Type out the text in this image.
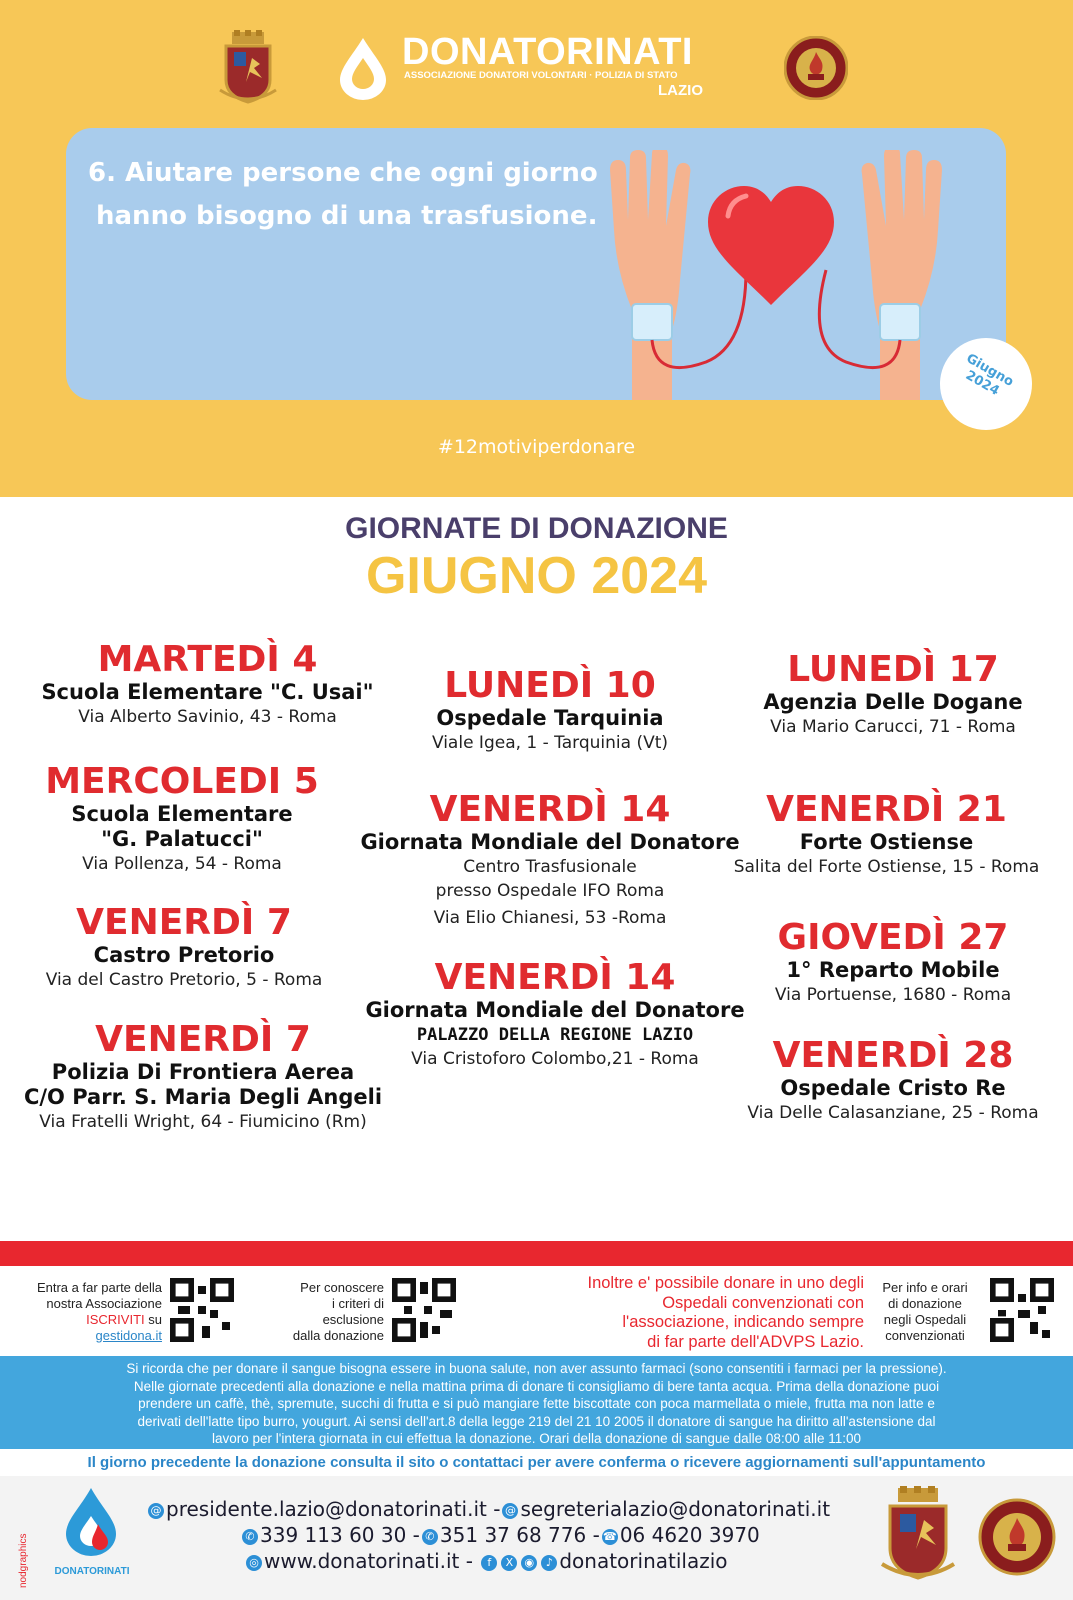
DONATORINATI
ASSOCIAZIONE DONATORI VOLONTARI · POLIZIA DI STATO
LAZIO
6. Aiutare persone che ogni giorno
hanno bisogno di una trasfusione.
Giugno 2024
#12motiviperdonare
GIORNATE DI DONAZIONE
GIUGNO 2024
MARTEDÌ 4
Scuola Elementare "C. Usai"
Via Alberto Savinio, 43 - Roma
MERCOLEDI 5
Scuola Elementare
"G. Palatucci"
Via Pollenza, 54 - Roma
VENERDÌ 7
Castro Pretorio
Via del Castro Pretorio, 5 - Roma
VENERDÌ 7
Polizia Di Frontiera Aerea
C/O Parr. S. Maria Degli Angeli
Via Fratelli Wright, 64 - Fiumicino (Rm)
LUNEDÌ 10
Ospedale Tarquinia
Viale Igea, 1 - Tarquinia (Vt)
VENERDÌ 14
Giornata Mondiale del Donatore
Centro Trasfusionale
presso Ospedale IFO Roma
Via Elio Chianesi, 53 -Roma
VENERDÌ 14
Giornata Mondiale del Donatore
PALAZZO DELLA REGIONE LAZIO
Via Cristoforo Colombo,21 - Roma
LUNEDÌ 17
Agenzia Delle Dogane
Via Mario Carucci, 71 - Roma
VENERDÌ 21
Forte Ostiense
Salita del Forte Ostiense, 15 - Roma
GIOVEDÌ 27
1° Reparto Mobile
Via Portuense, 1680 - Roma
VENERDÌ 28
Ospedale Cristo Re
Via Delle Calasanziane, 25 - Roma
Entra a far parte della
nostra Associazione
ISCRIVITI su
gestidona.it
Per conoscere
i criteri di
esclusione
dalla donazione
Inoltre e' possibile donare in uno degli
Ospedali convenzionati con
l'associazione, indicando sempre
di far parte dell'ADVPS Lazio.
Per info e orari
di donazione
negli Ospedali
convenzionati
Si ricorda che per donare il sangue bisogna essere in buona salute, non aver assunto farmaci (sono consentiti i farmaci per la pressione).
Nelle giornate precedenti alla donazione e nella mattina prima di donare ti consigliamo di bere tanta acqua. Prima della donazione puoi
prendere un caffè, thè, spremute, succhi di frutta e si può mangiare fette biscottate con poca marmellata o miele, frutta ma non latte e
derivati dell'latte tipo burro, yougurt. Ai sensi dell'art.8 della legge 219 del 21 10 2005 il donatore di sangue ha diritto all'astensione dal
lavoro per l'intera giornata in cui effettua la donazione. Orari della donazione di sangue dalle 08:00 alle 11:00
Il giorno precedente la donazione consulta il sito o contattaci per avere conferma o ricevere aggiornamenti sull'appuntamento
nodgraphics	DONATORINATI
@ presidente.lazio@donatorinati.it - @ segreterialazio@donatorinati.it
✆ 339 113 60 30 - ✆ 351 37 68 776 - ☎ 06 4620 3970
◎ www.donatorinati.it - f X ◉ ♪ donatorinatilazio
